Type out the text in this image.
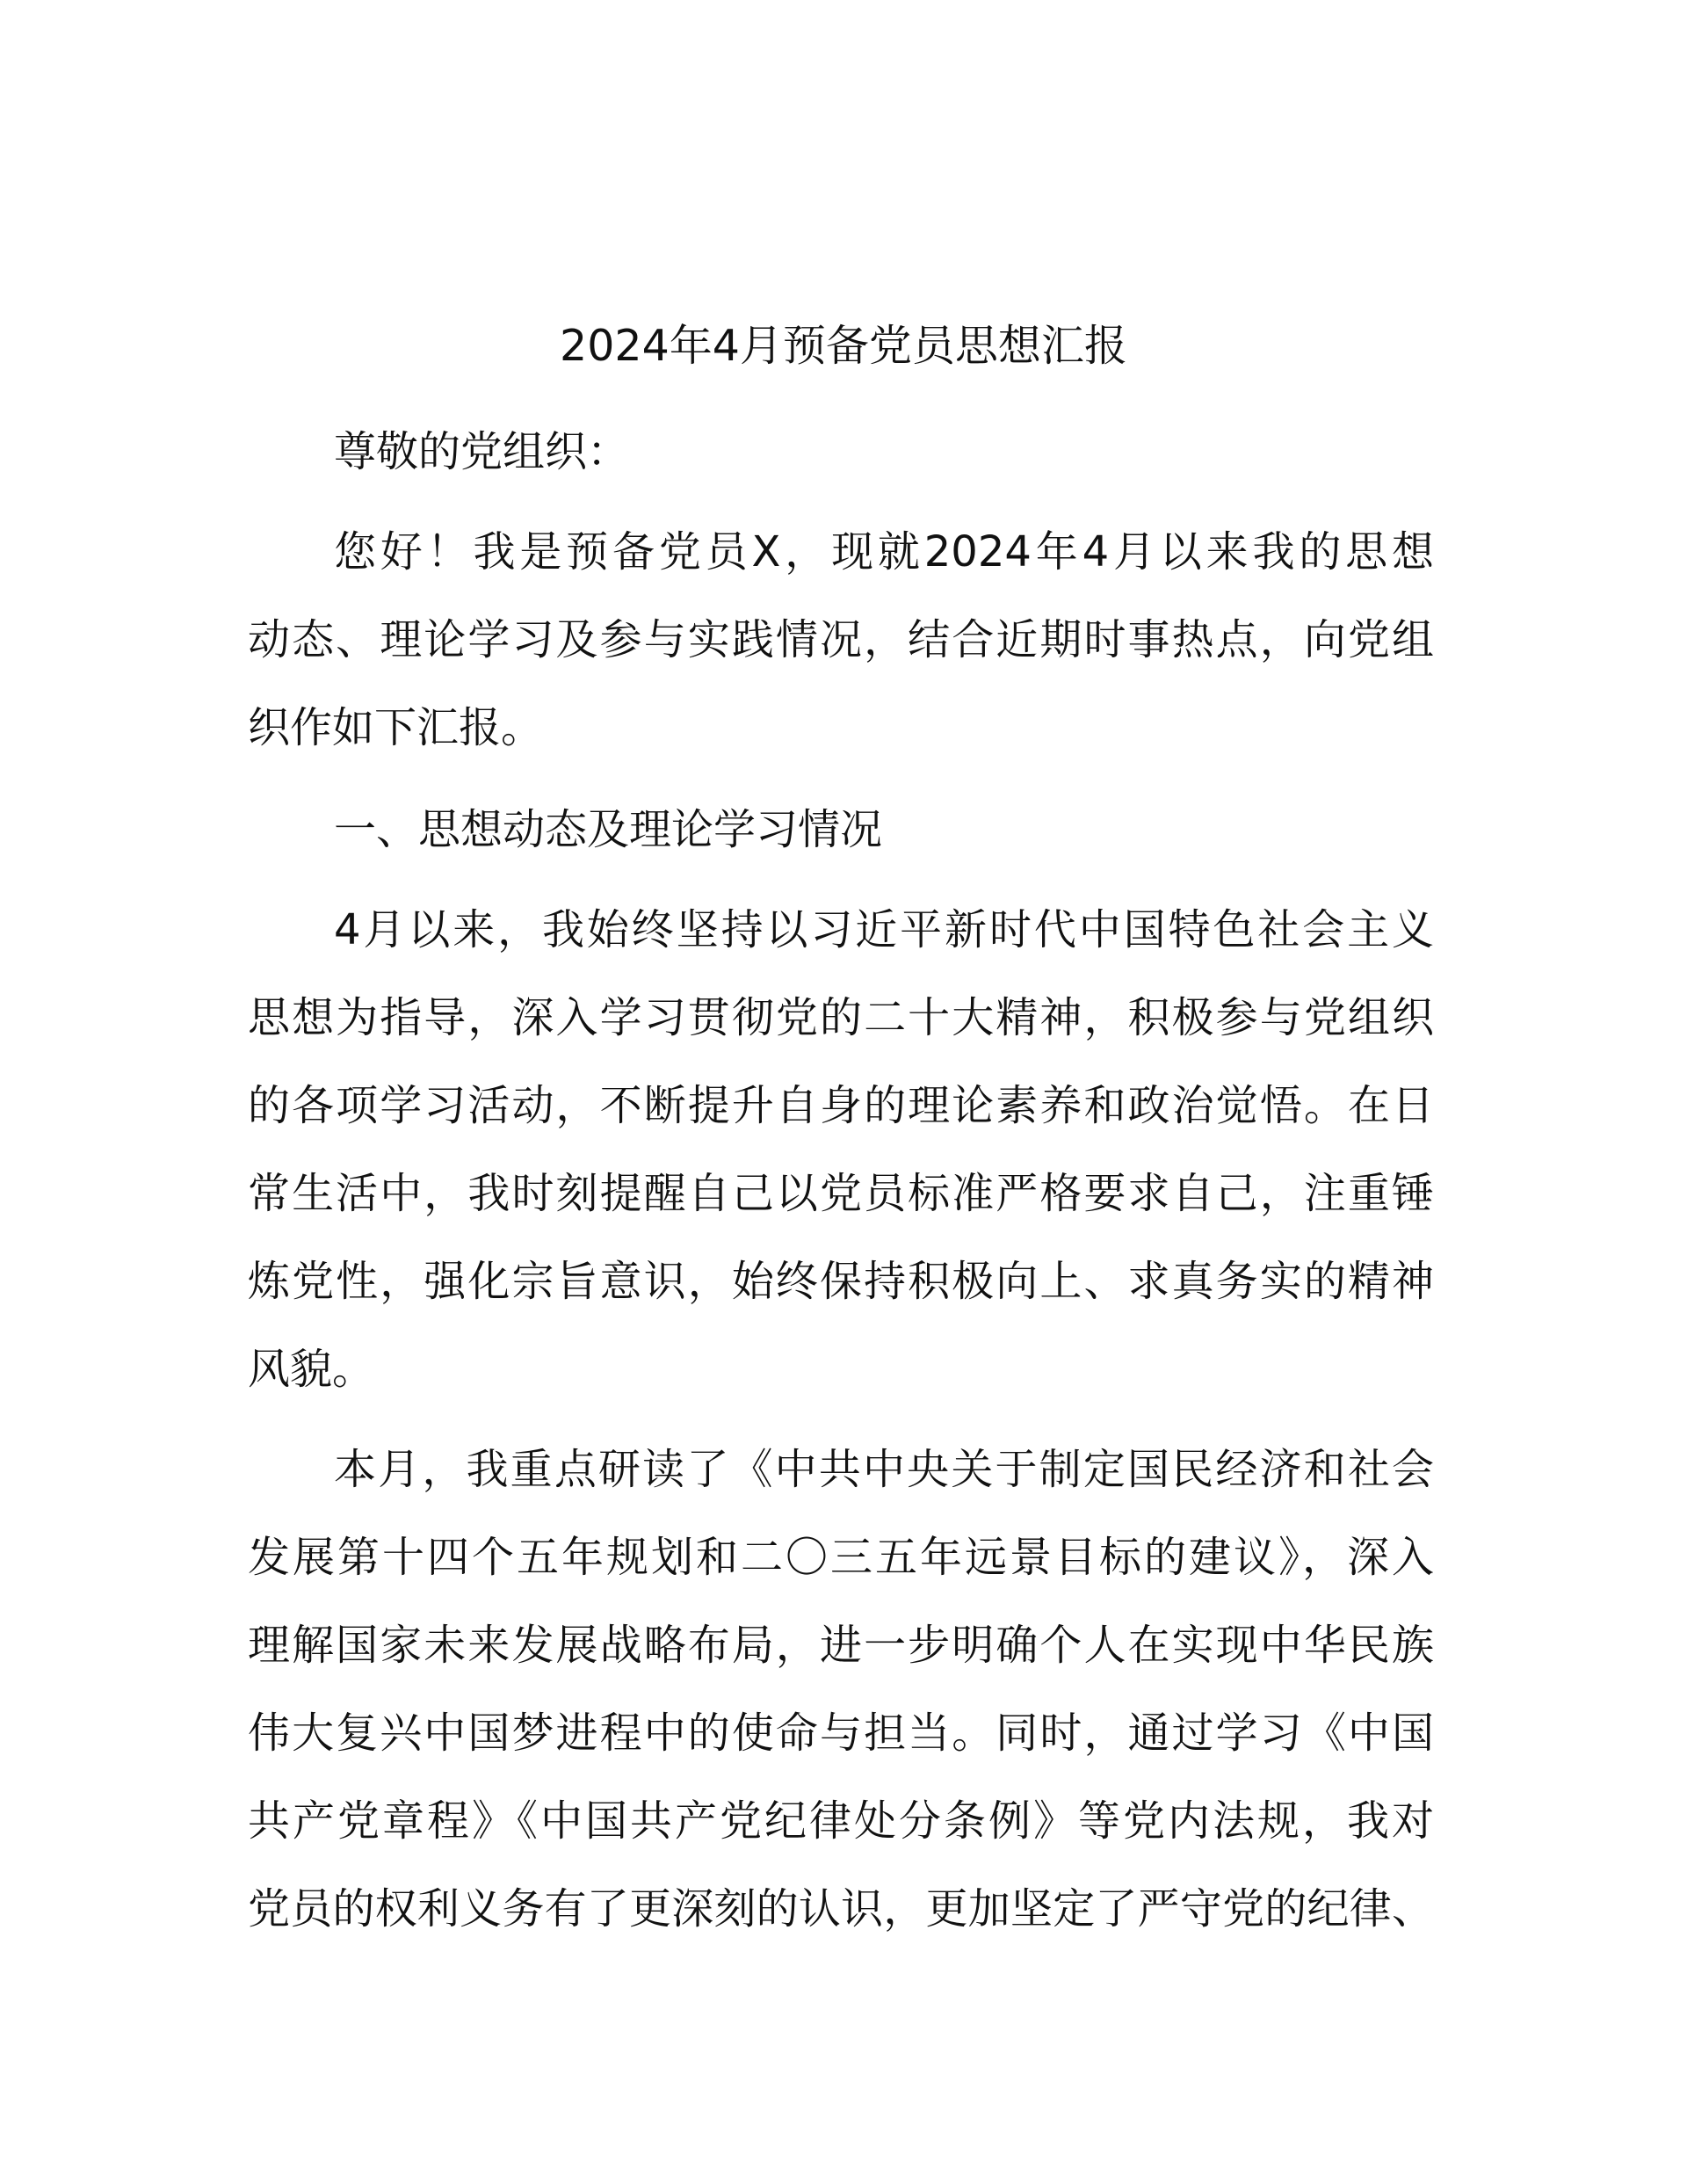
2024年4月预备党员思想汇报
尊敬的党组织：
您好！我是预备党员X，现就2024年4月以来我的思想
动态、理论学习及参与实践情况，结合近期时事热点，向党组
织作如下汇报。
一、思想动态及理论学习情况
4月以来，我始终坚持以习近平新时代中国特色社会主义
思想为指导，深入学习贯彻党的二十大精神，积极参与党组织
的各项学习活动，不断提升自身的理论素养和政治觉悟。在日
常生活中，我时刻提醒自己以党员标准严格要求自己，注重锤
炼党性，强化宗旨意识，始终保持积极向上、求真务实的精神
风貌。
本月，我重点研读了《中共中央关于制定国民经济和社会
发展第十四个五年规划和二〇三五年远景目标的建议》，深入
理解国家未来发展战略布局，进一步明确个人在实现中华民族
伟大复兴中国梦进程中的使命与担当。同时，通过学习《中国
共产党章程》《中国共产党纪律处分条例》等党内法规，我对
党员的权利义务有了更深刻的认识，更加坚定了严守党的纪律、
